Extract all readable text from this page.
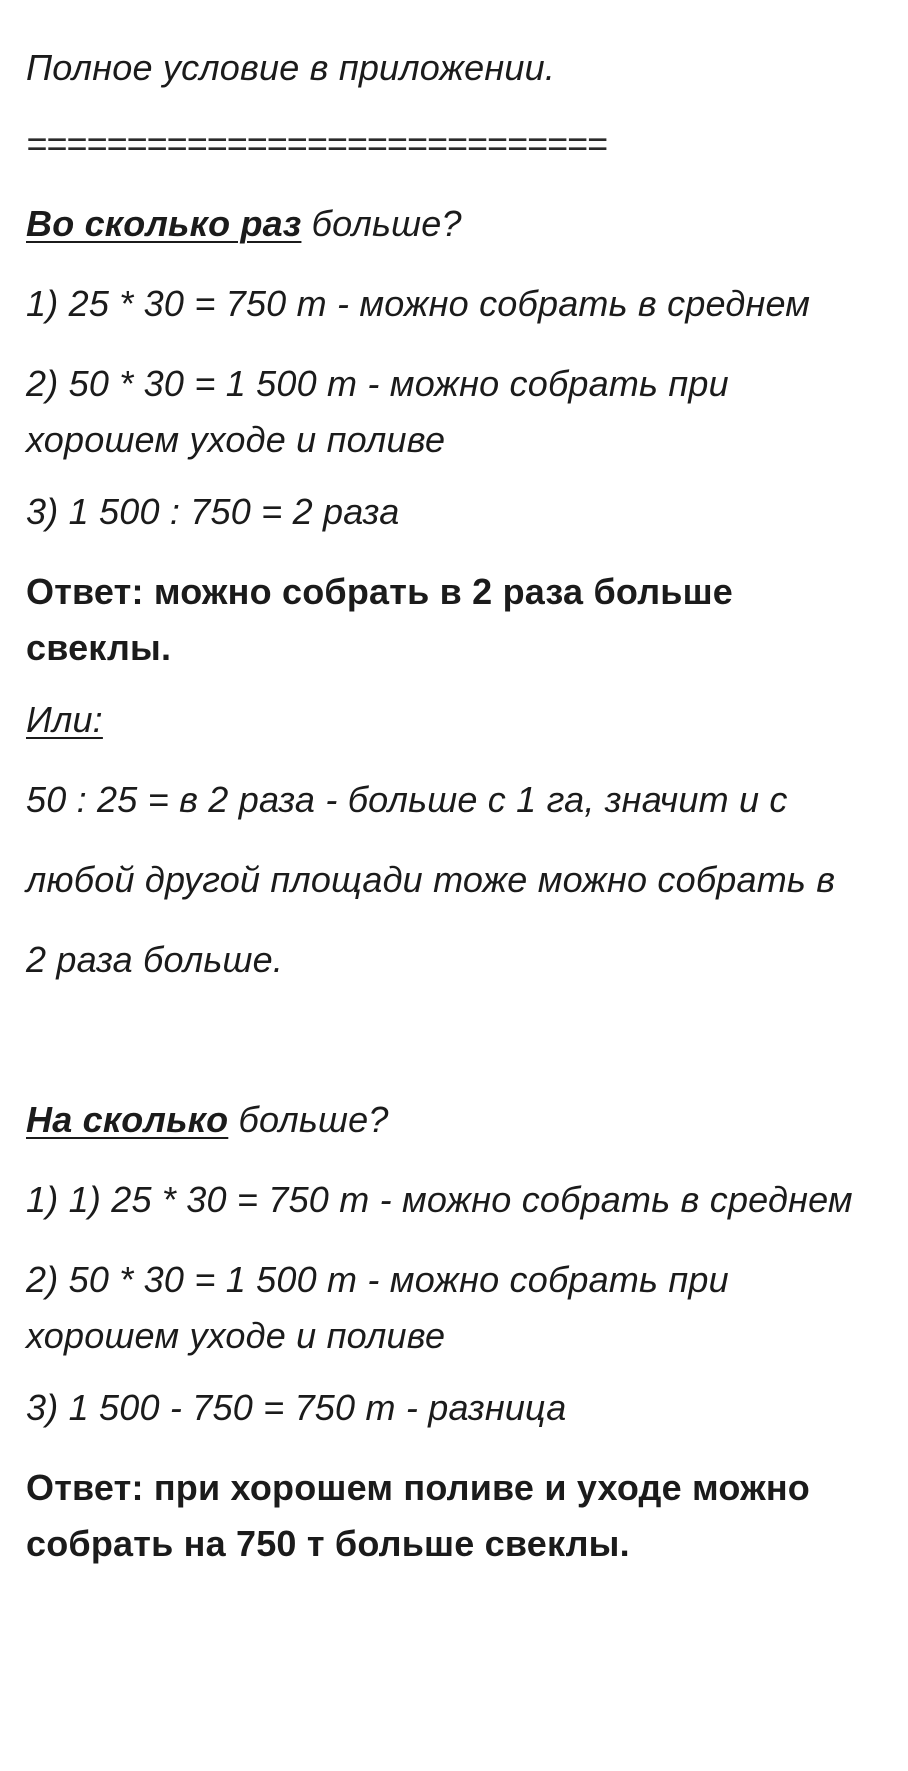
Полное условие в приложении.
=============================
Во сколько раз больше?
1) 25 * 30 = 750 т - можно собрать в среднем
2) 50 * 30 = 1 500 т - можно собрать при
хорошем уходе и поливе
3) 1 500 : 750 = 2 раза
Ответ: можно собрать в 2 раза больше
свеклы.
Или:
50 : 25 = в 2 раза - больше с 1 га, значит и с
любой другой площади тоже можно собрать в
2 раза больше.
На сколько больше?
1) 1) 25 * 30 = 750 т - можно собрать в среднем
2) 50 * 30 = 1 500 т - можно собрать при
хорошем уходе и поливе
3) 1 500 - 750 = 750 т - разница
Ответ: при хорошем поливе и уходе можно
собрать на 750 т больше свеклы.
